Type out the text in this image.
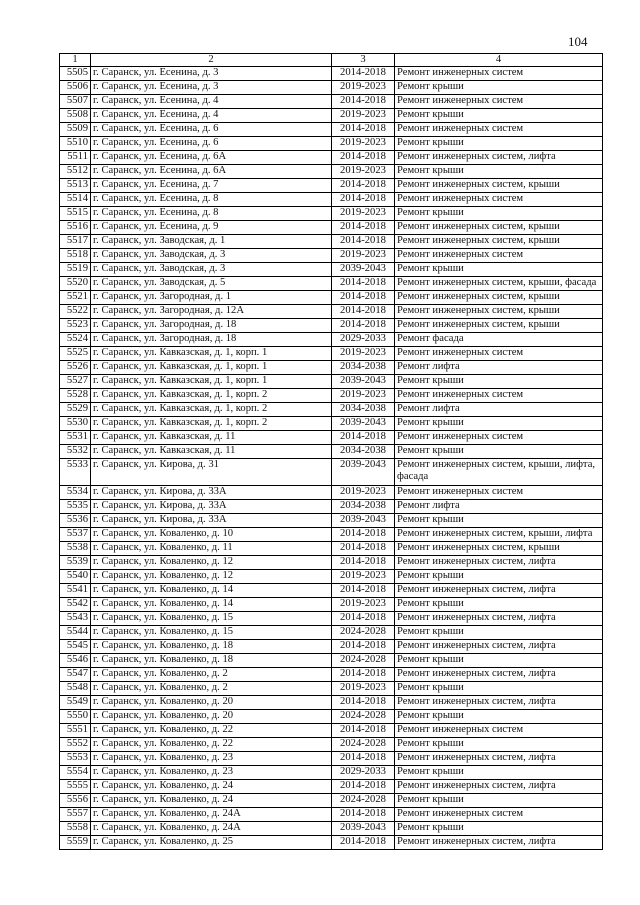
104
1	2	3	4
5505	г. Саранск, ул. Есенина, д. 3	2014-2018	Ремонт инженерных систем
5506	г. Саранск, ул. Есенина, д. 3	2019-2023	Ремонт крыши
5507	г. Саранск, ул. Есенина, д. 4	2014-2018	Ремонт инженерных систем
5508	г. Саранск, ул. Есенина, д. 4	2019-2023	Ремонт крыши
5509	г. Саранск, ул. Есенина, д. 6	2014-2018	Ремонт инженерных систем
5510	г. Саранск, ул. Есенина, д. 6	2019-2023	Ремонт крыши
5511	г. Саранск, ул. Есенина, д. 6А	2014-2018	Ремонт инженерных систем, лифта
5512	г. Саранск, ул. Есенина, д. 6А	2019-2023	Ремонт крыши
5513	г. Саранск, ул. Есенина, д. 7	2014-2018	Ремонт инженерных систем, крыши
5514	г. Саранск, ул. Есенина, д. 8	2014-2018	Ремонт инженерных систем
5515	г. Саранск, ул. Есенина, д. 8	2019-2023	Ремонт крыши
5516	г. Саранск, ул. Есенина, д. 9	2014-2018	Ремонт инженерных систем, крыши
5517	г. Саранск, ул. Заводская, д. 1	2014-2018	Ремонт инженерных систем, крыши
5518	г. Саранск, ул. Заводская, д. 3	2019-2023	Ремонт инженерных систем
5519	г. Саранск, ул. Заводская, д. 3	2039-2043	Ремонт крыши
5520	г. Саранск, ул. Заводская, д. 5	2014-2018	Ремонт инженерных систем, крыши, фасада
5521	г. Саранск, ул. Загородная, д. 1	2014-2018	Ремонт инженерных систем, крыши
5522	г. Саранск, ул. Загородная, д. 12А	2014-2018	Ремонт инженерных систем, крыши
5523	г. Саранск, ул. Загородная, д. 18	2014-2018	Ремонт инженерных систем, крыши
5524	г. Саранск, ул. Загородная, д. 18	2029-2033	Ремонт фасада
5525	г. Саранск, ул. Кавказская, д. 1, корп. 1	2019-2023	Ремонт инженерных систем
5526	г. Саранск, ул. Кавказская, д. 1, корп. 1	2034-2038	Ремонт лифта
5527	г. Саранск, ул. Кавказская, д. 1, корп. 1	2039-2043	Ремонт крыши
5528	г. Саранск, ул. Кавказская, д. 1, корп. 2	2019-2023	Ремонт инженерных систем
5529	г. Саранск, ул. Кавказская, д. 1, корп. 2	2034-2038	Ремонт лифта
5530	г. Саранск, ул. Кавказская, д. 1, корп. 2	2039-2043	Ремонт крыши
5531	г. Саранск, ул. Кавказская, д. 11	2014-2018	Ремонт инженерных систем
5532	г. Саранск, ул. Кавказская, д. 11	2034-2038	Ремонт крыши
5533	г. Саранск, ул. Кирова, д. 31	2039-2043	Ремонт инженерных систем, крыши, лифта, фасада
5534	г. Саранск, ул. Кирова, д. 33А	2019-2023	Ремонт инженерных систем
5535	г. Саранск, ул. Кирова, д. 33А	2034-2038	Ремонт лифта
5536	г. Саранск, ул. Кирова, д. 33А	2039-2043	Ремонт крыши
5537	г. Саранск, ул. Коваленко, д. 10	2014-2018	Ремонт инженерных систем, крыши, лифта
5538	г. Саранск, ул. Коваленко, д. 11	2014-2018	Ремонт инженерных систем, крыши
5539	г. Саранск, ул. Коваленко, д. 12	2014-2018	Ремонт инженерных систем, лифта
5540	г. Саранск, ул. Коваленко, д. 12	2019-2023	Ремонт крыши
5541	г. Саранск, ул. Коваленко, д. 14	2014-2018	Ремонт инженерных систем, лифта
5542	г. Саранск, ул. Коваленко, д. 14	2019-2023	Ремонт крыши
5543	г. Саранск, ул. Коваленко, д. 15	2014-2018	Ремонт инженерных систем, лифта
5544	г. Саранск, ул. Коваленко, д. 15	2024-2028	Ремонт крыши
5545	г. Саранск, ул. Коваленко, д. 18	2014-2018	Ремонт инженерных систем, лифта
5546	г. Саранск, ул. Коваленко, д. 18	2024-2028	Ремонт крыши
5547	г. Саранск, ул. Коваленко, д. 2	2014-2018	Ремонт инженерных систем, лифта
5548	г. Саранск, ул. Коваленко, д. 2	2019-2023	Ремонт крыши
5549	г. Саранск, ул. Коваленко, д. 20	2014-2018	Ремонт инженерных систем, лифта
5550	г. Саранск, ул. Коваленко, д. 20	2024-2028	Ремонт крыши
5551	г. Саранск, ул. Коваленко, д. 22	2014-2018	Ремонт инженерных систем
5552	г. Саранск, ул. Коваленко, д. 22	2024-2028	Ремонт крыши
5553	г. Саранск, ул. Коваленко, д. 23	2014-2018	Ремонт инженерных систем, лифта
5554	г. Саранск, ул. Коваленко, д. 23	2029-2033	Ремонт крыши
5555	г. Саранск, ул. Коваленко, д. 24	2014-2018	Ремонт инженерных систем, лифта
5556	г. Саранск, ул. Коваленко, д. 24	2024-2028	Ремонт крыши
5557	г. Саранск, ул. Коваленко, д. 24А	2014-2018	Ремонт инженерных систем
5558	г. Саранск, ул. Коваленко, д. 24А	2039-2043	Ремонт крыши
5559	г. Саранск, ул. Коваленко, д. 25	2014-2018	Ремонт инженерных систем, лифта
